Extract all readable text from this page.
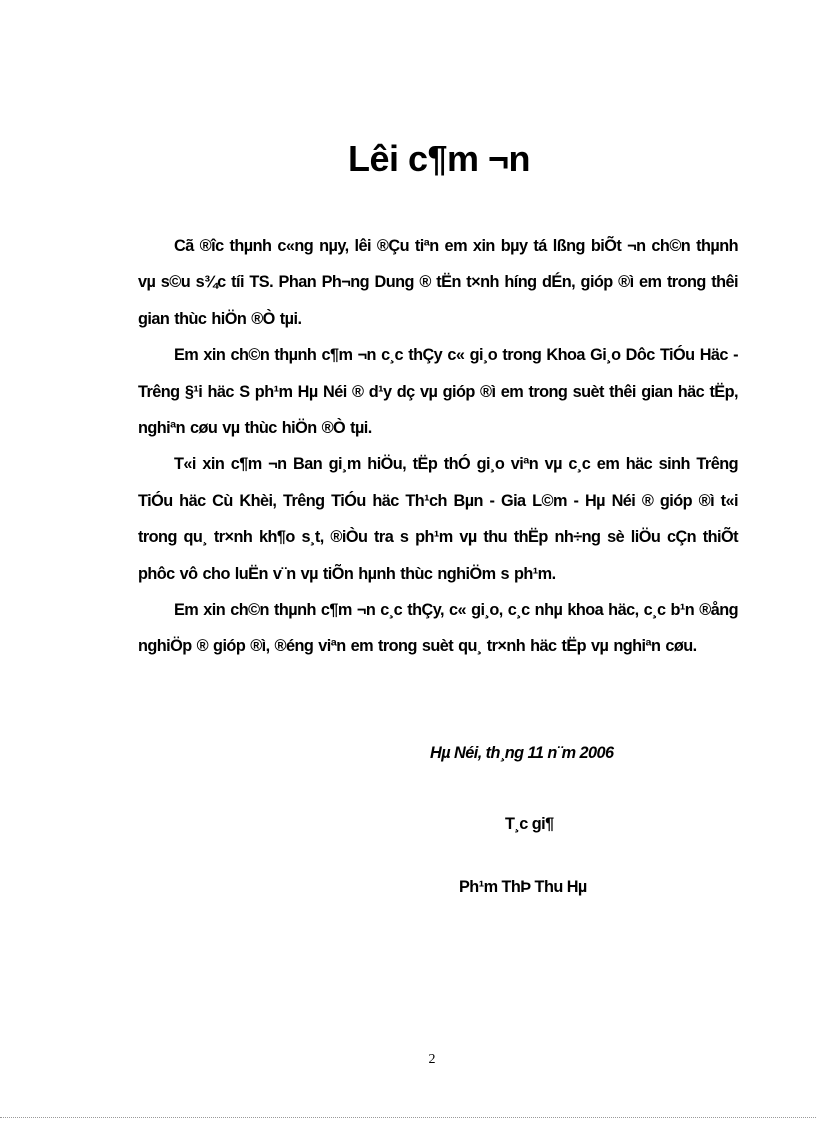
Lêi c¶m ¬n

Cã ®îc thµnh c«ng nµy, lêi ®Çu tiªn em xin bµy tá lßng biÕt ¬n ch©n thµnh vµ s©u s¾c tíi TS. Phan Ph¬ng Dung ® tËn t×nh híng dÉn, gióp ®ì em trong thêi gian thùc hiÖn ®Ò tµi.

Em xin ch©n thµnh c¶m ¬n c¸c thÇy c« gi¸o trong Khoa Gi¸o Dôc TiÓu Häc - Trêng §¹i häc S ph¹m Hµ Néi ® d¹y dç vµ gióp ®ì em trong suèt thêi gian häc tËp, nghiªn cøu vµ thùc hiÖn ®Ò tµi.

T«i xin c¶m ¬n Ban gi¸m hiÖu, tËp thÓ gi¸o viªn vµ c¸c em häc sinh Trêng TiÓu häc Cù Khèi, Trêng TiÓu häc Th¹ch Bµn - Gia L©m - Hµ Néi ® gióp ®ì t«i trong qu¸ tr×nh kh¶o s¸t, ®iÒu tra s ph¹m vµ thu thËp nh÷ng sè liÖu cÇn thiÕt phôc vô cho luËn v¨n vµ tiÕn hµnh thùc nghiÖm s ph¹m.

Em xin ch©n thµnh c¶m ¬n c¸c thÇy, c« gi¸o, c¸c nhµ khoa häc, c¸c b¹n ®ång nghiÖp ® gióp ®ì, ®éng viªn em trong suèt qu¸ tr×nh häc tËp vµ nghiªn cøu.

Hµ Néi, th¸ng 11 n¨m 2006
T¸c gi¶
Ph¹m ThÞ Thu Hµ
2
